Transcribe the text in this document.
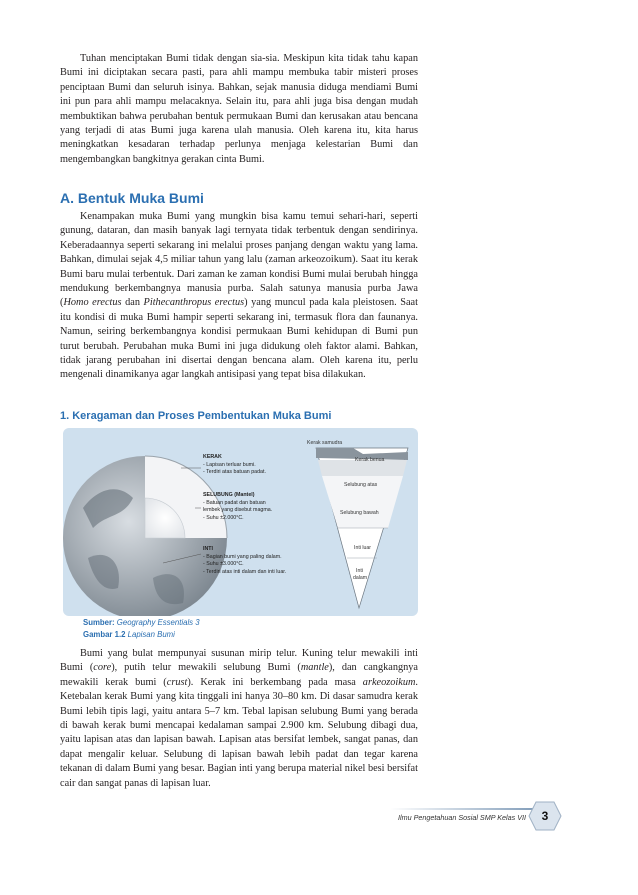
Tuhan menciptakan Bumi tidak dengan sia-sia. Meskipun kita tidak tahu kapan Bumi ini diciptakan secara pasti, para ahli mampu membuka tabir misteri proses penciptaan Bumi dan seluruh isinya. Bahkan, sejak manusia diduga mendiami Bumi ini pun para ahli mampu melacaknya. Selain itu, para ahli juga bisa dengan mudah membuktikan bahwa perubahan bentuk permukaan Bumi dan kerusakan atau bencana yang terjadi di atas Bumi juga karena ulah manusia. Oleh karena itu, kita harus meningkatkan kesadaran terhadap perlunya menjaga kelestarian Bumi dan mengembangkan bangkitnya gerakan cinta Bumi.

A. Bentuk Muka Bumi

Kenampakan muka Bumi yang mungkin bisa kamu temui sehari-hari, seperti gunung, dataran, dan masih banyak lagi ternyata tidak terbentuk dengan sendirinya. Keberadaannya seperti sekarang ini melalui proses panjang dengan waktu yang lama. Bahkan, dimulai sejak 4,5 miliar tahun yang lalu (zaman arkeozoikum). Saat itu kerak Bumi baru mulai terbentuk. Dari zaman ke zaman kondisi Bumi mulai berubah hingga mendukung berkembangnya manusia purba. Salah satunya manusia purba Jawa (Homo erectus dan Pithecanthropus erectus) yang muncul pada kala pleistosen. Saat itu kondisi di muka Bumi hampir seperti sekarang ini, termasuk flora dan faunanya. Namun, seiring berkembangnya kondisi permukaan Bumi kehidupan di Bumi pun turut berubah. Perubahan muka Bumi ini juga didukung oleh faktor alami. Bahkan, tidak jarang perubahan ini disertai dengan bencana alam. Oleh karena itu, perlu mengenali dinamikanya agar langkah antisipasi yang tepat bisa dilakukan.

1. Keragaman dan Proses Pembentukan Muka Bumi
KERAK
- Lapisan terluar bumi.
- Terdiri atas batuan padat.
SELUBUNG (Mantel)
- Batuan padat dan batuan
lembek yang disebut magma.
- Suhu ±2.000°C.
INTI
- Bagian bumi yang paling dalam.
- Suhu ±3.000°C.
- Terdiri atas inti dalam dan inti luar.
Kerak samudra
Kerak benua
Selubung atas
Selubung bawah
Inti luar
Inti
dalam
Sumber: Geography Essentials 3
Gambar 1.2 Lapisan Bumi

Bumi yang bulat mempunyai susunan mirip telur. Kuning telur mewakili inti Bumi (core), putih telur mewakili selubung Bumi (mantle), dan cangkangnya mewakili kerak bumi (crust). Kerak ini berkembang pada masa arkeozoikum. Ketebalan kerak Bumi yang kita tinggali ini hanya 30–80 km. Di dasar samudra kerak Bumi lebih tipis lagi, yaitu antara 5–7 km. Tebal lapisan selubung Bumi yang berada di bawah kerak bumi mencapai kedalaman sampai 2.900 km. Selubung dibagi dua, yaitu lapisan atas dan lapisan bawah. Lapisan atas bersifat lembek, sangat panas, dan dapat mengalir keluar. Selubung di lapisan bawah lebih padat dan tegar karena tekanan di dalam Bumi yang besar. Bagian inti yang berupa material nikel besi bersifat cair dan sangat panas di lapisan luar.

Ilmu Pengetahuan Sosial SMP Kelas VII	3
